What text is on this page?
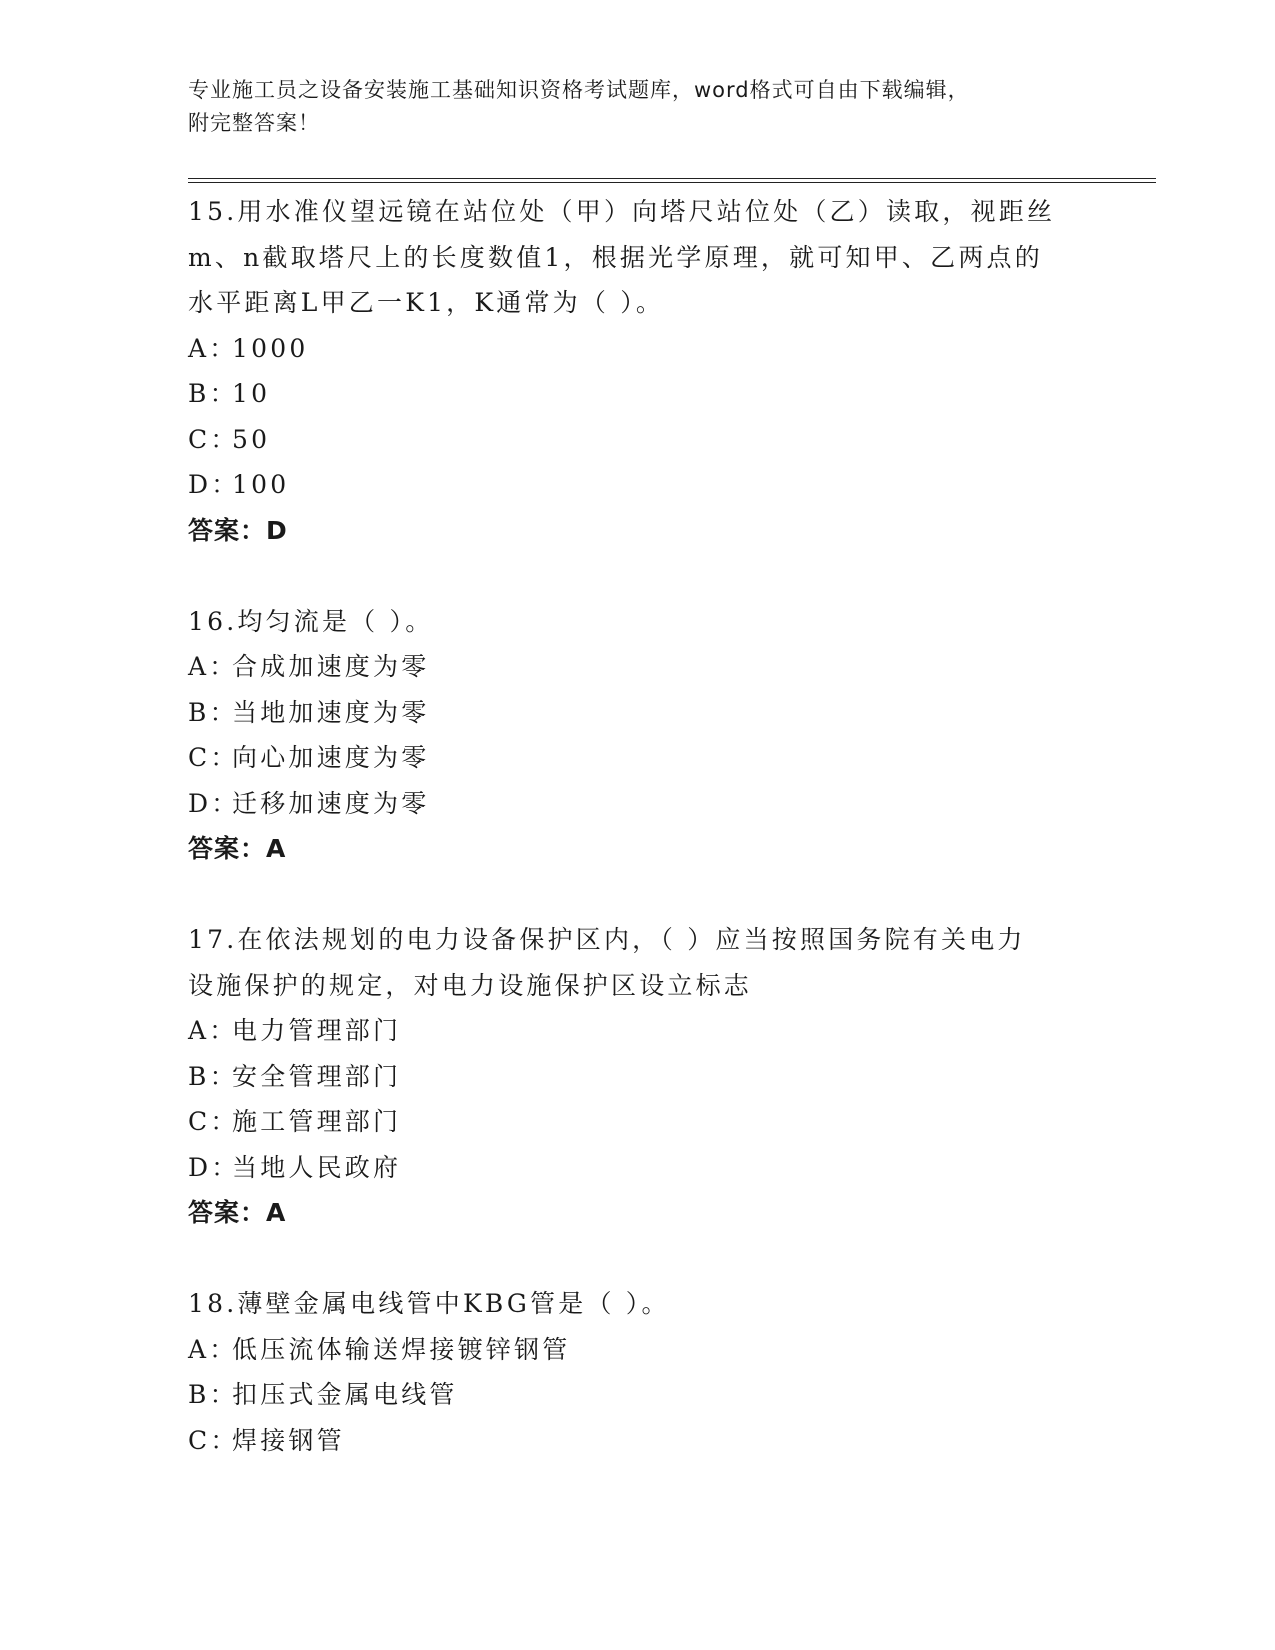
专业施工员之设备安装施工基础知识资格考试题库，word格式可自由下载编辑，
附完整答案！
15.用水准仪望远镜在站位处（甲）向塔尺站位处（乙）读取，视距丝
m、n截取塔尺上的长度数值1，根据光学原理，就可知甲、乙两点的
水平距离L甲乙一K1，K通常为（ ）。
A：1000
B：10
C：50
D：100
答案：D
16.均匀流是（ ）。
A：合成加速度为零
B：当地加速度为零
C：向心加速度为零
D：迁移加速度为零
答案：A
17.在依法规划的电力设备保护区内，（ ）应当按照国务院有关电力
设施保护的规定，对电力设施保护区设立标志
A：电力管理部门
B：安全管理部门
C：施工管理部门
D：当地人民政府
答案：A
18.薄壁金属电线管中KBG管是（ ）。
A：低压流体输送焊接镀锌钢管
B：扣压式金属电线管
C：焊接钢管
